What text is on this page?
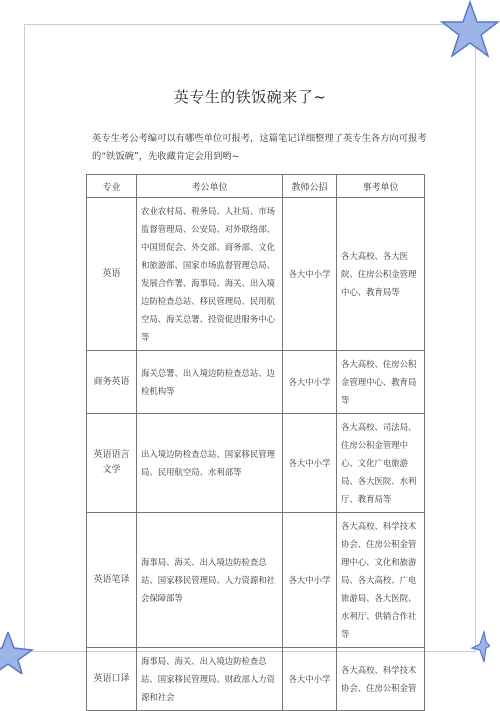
英专生的铁饭碗来了~
英专生考公考编可以有哪些单位可报考，这篇笔记详细整理了英专生各方向可报考的“铁饭碗”，先收藏肯定会用到哟~
专业	考公单位	教师公招	事考单位
英语	农业农村局、税务局、人社局、市场监督管理局、公安局、对外联络部、中国贸促会、外交部、商务部、文化和旅游部、国家市场监督管理总局、发展合作署、海事局、海关、出入境边防检查总站、移民管理局、民用航空局、海关总署、投资促进服务中心等	各大中小学	各大高校、各大医院、住房公积金管理中心、教育局等
商务英语	海关总署、出入境边防检查总站、边检机构等	各大中小学	各大高校、住房公积金管理中心、教育局等
英语语言文学	出入境边防检查总站、国家移民管理局、民用航空局、水利部等	各大中小学	各大高校、司法局、住房公积金管理中心、文化广电旅游局、各大医院、水利厅、教育局等
英语笔译	海事局、海关、出入境边防检查总站、国家移民管理局、人力资源和社会保障部等	各大中小学	各大高校、科学技术协会、住房公积金管理中心、文化和旅游局、各大高校、广电旅游局、各大医院、水利厅、供销合作社等
英语口译	海事局、海关、出入境边防检查总站、国家移民管理局、财政部人力资源和社会	各大中小学	各大高校、科学技术协会、住房公积金管
